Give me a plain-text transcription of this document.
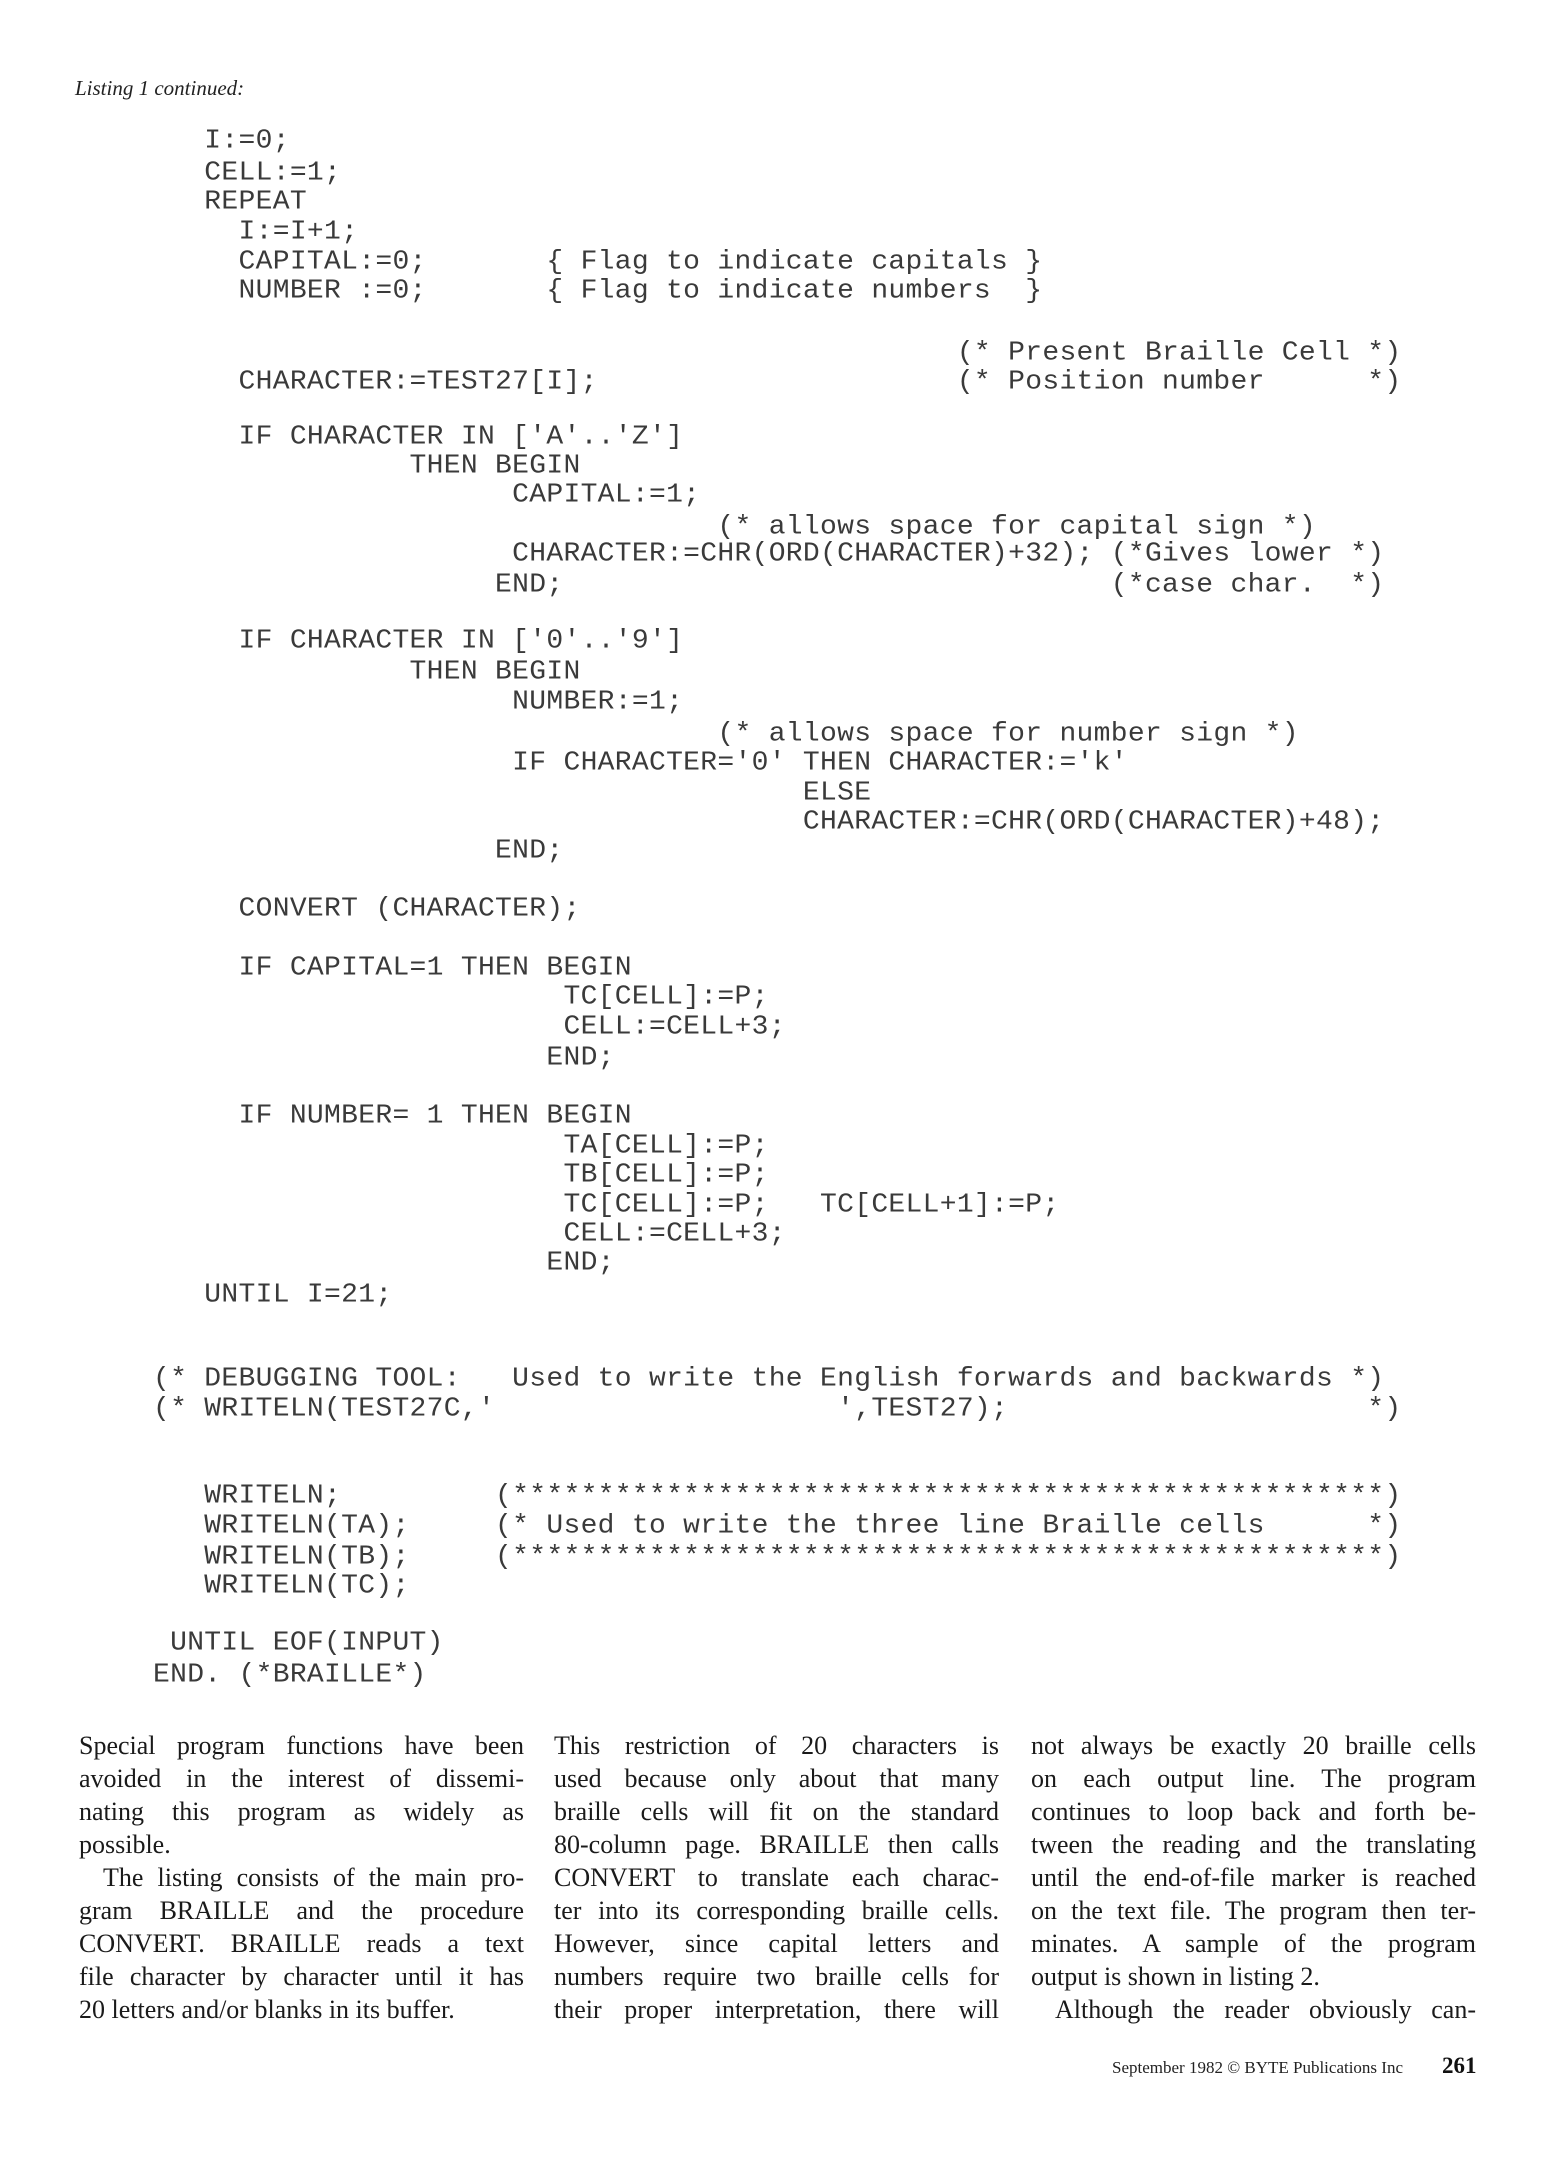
Listing 1 continued:
I:=0;
CELL:=1;
REPEAT
I:=I+1;
CAPITAL:=0;       { Flag to indicate capitals }
NUMBER :=0;       { Flag to indicate numbers  }
(* Present Braille Cell *)
CHARACTER:=TEST27[I];                     (* Position number      *)
IF CHARACTER IN ['A'..'Z']
THEN BEGIN
CAPITAL:=1;
(* allows space for capital sign *)
CHARACTER:=CHR(ORD(CHARACTER)+32); (*Gives lower *)
END;                                (*case char.  *)
IF CHARACTER IN ['0'..'9']
THEN BEGIN
NUMBER:=1;
(* allows space for number sign *)
IF CHARACTER='0' THEN CHARACTER:='k'
ELSE
CHARACTER:=CHR(ORD(CHARACTER)+48);
END;
CONVERT (CHARACTER);
IF CAPITAL=1 THEN BEGIN
TC[CELL]:=P;
CELL:=CELL+3;
END;
IF NUMBER= 1 THEN BEGIN
TA[CELL]:=P;
TB[CELL]:=P;
TC[CELL]:=P;   TC[CELL+1]:=P;
CELL:=CELL+3;
END;
UNTIL I=21;
(* DEBUGGING TOOL:   Used to write the English forwards and backwards *)
(* WRITELN(TEST27C,'                    ',TEST27);                     *)
WRITELN;         (***************************************************)
WRITELN(TA);     (* Used to write the three line Braille cells      *)
WRITELN(TB);     (***************************************************)
WRITELN(TC);
UNTIL EOF(INPUT)
END. (*BRAILLE*)
Special program functions have been
avoided in the interest of dissemi-
nating this program as widely as
possible.
The listing consists of the main pro-
gram BRAILLE and the procedure
CONVERT. BRAILLE reads a text
file character by character until it has
20 letters and/or blanks in its buffer.
This restriction of 20 characters is
used because only about that many
braille cells will fit on the standard
80-column page. BRAILLE then calls
CONVERT to translate each charac-
ter into its corresponding braille cells.
However, since capital letters and
numbers require two braille cells for
their proper interpretation, there will
not always be exactly 20 braille cells
on each output line. The program
continues to loop back and forth be-
tween the reading and the translating
until the end-of-file marker is reached
on the text file. The program then ter-
minates. A sample of the program
output is shown in listing 2.
Although the reader obviously can-
September 1982 © BYTE Publications Inc 261
